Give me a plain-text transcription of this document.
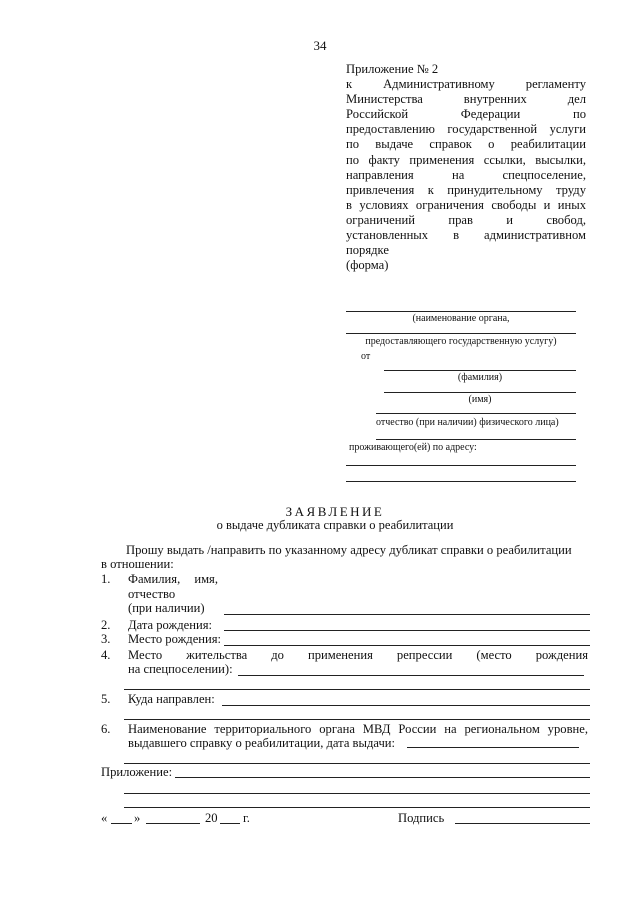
34
Приложение № 2
к Административному регламенту
Министерства внутренних дел
Российской Федерации по
предоставлению государственной услуги
по выдаче справок о реабилитации
по факту применения ссылки, высылки,
направления на спецпоселение,
привлечения к принудительному труду
в условиях ограничения свободы и иных
ограничений прав и свобод,
установленных в административном
порядке
(форма)
(наименование органа,
предоставляющего государственную услугу)
от
(фамилия)
(имя)
отчество (при наличии) физического лица)
проживающего(ей) по адресу:
ЗАЯВЛЕНИЕ
о выдаче дубликата справки о реабилитации
Прошу выдать /направить по указанному адресу дубликат справки о реабилитации
в отношении:
1. Фамилия, имя,
отчество
(при наличии)
2. Дата рождения:
3. Место рождения:
4. Место жительства до применения репрессии (место рождения
на спецпоселении):
5. Куда направлен:
6. Наименование территориального органа МВД России на региональном уровне,
выдавшего справку о реабилитации, дата выдачи:
Приложение:
« »	20 г.	Подпись
